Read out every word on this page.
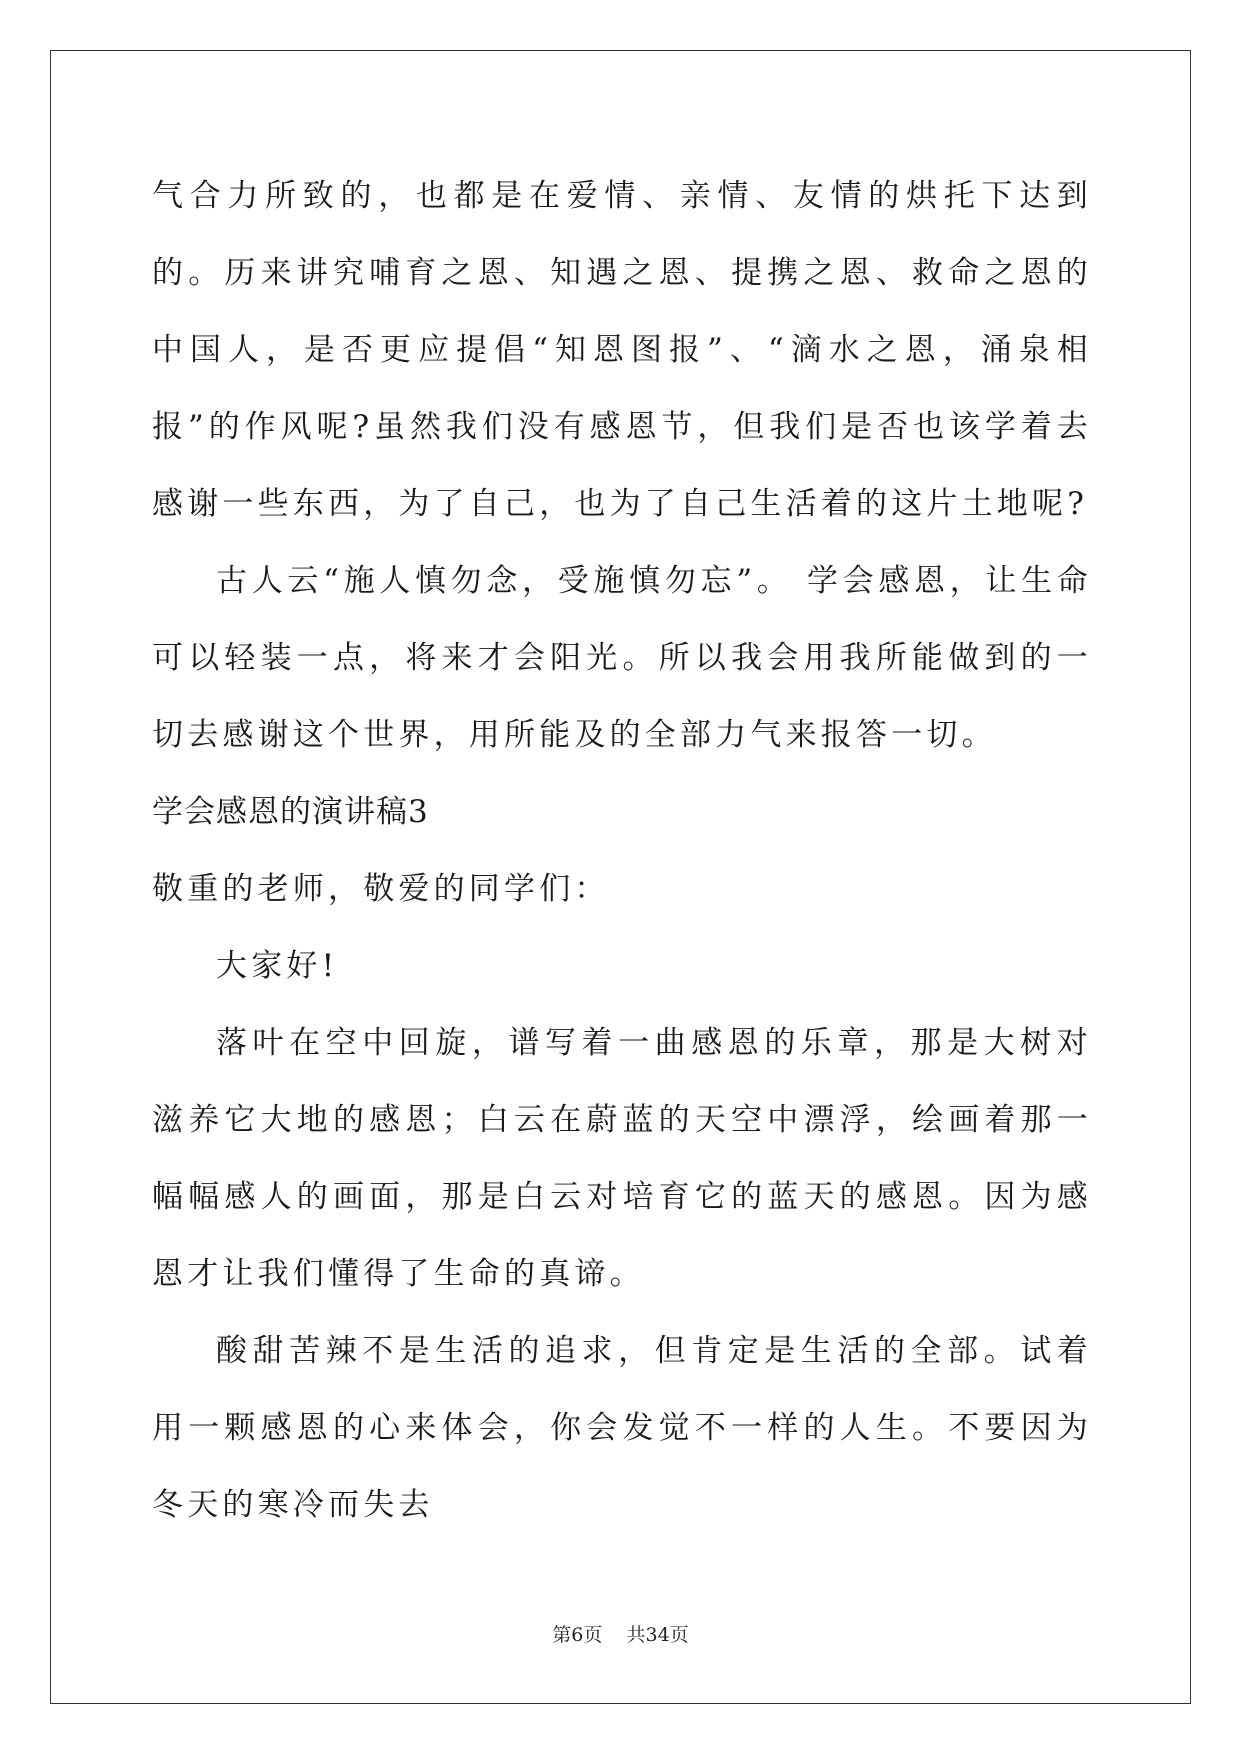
气合力所致的，也都是在爱情、亲情、友情的烘托下达到的。历来讲究哺育之恩、知遇之恩、提携之恩、救命之恩的中国人，是否更应提倡“知恩图报”、“滴水之恩，涌泉相报”的作风呢?虽然我们没有感恩节，但我们是否也该学着去感谢一些东西，为了自己，也为了自己生活着的这片土地呢?

古人云“施人慎勿念，受施慎勿忘”。 学会感恩，让生命可以轻装一点，将来才会阳光。所以我会用我所能做到的一切去感谢这个世界，用所能及的全部力气来报答一切。

学会感恩的演讲稿3

敬重的老师，敬爱的同学们：

大家好!

落叶在空中回旋，谱写着一曲感恩的乐章，那是大树对滋养它大地的感恩；白云在蔚蓝的天空中漂浮，绘画着那一幅幅感人的画面，那是白云对培育它的蓝天的感恩。因为感恩才让我们懂得了生命的真谛。

酸甜苦辣不是生活的追求，但肯定是生活的全部。试着用一颗感恩的心来体会，你会发觉不一样的人生。不要因为冬天的寒冷而失去

第6页 共34页
